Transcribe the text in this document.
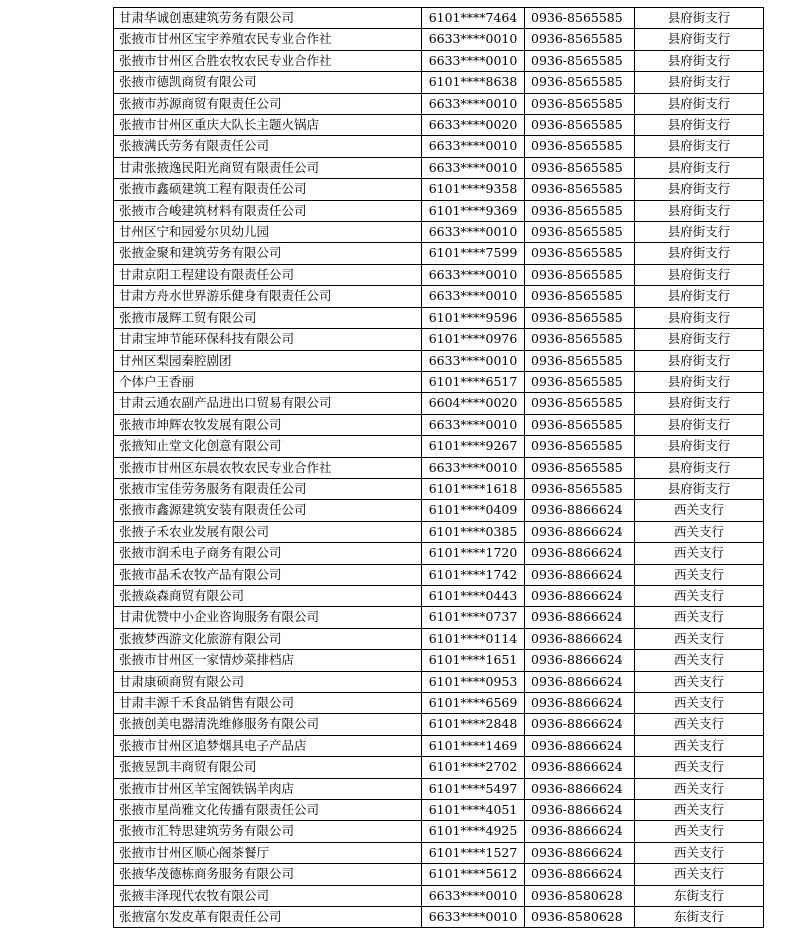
甘肃华诚创惠建筑劳务有限公司	6101****7464	0936-8565585	县府街支行
张掖市甘州区宝宇养殖农民专业合作社	6633****0010	0936-8565585	县府街支行
张掖市甘州区合胜农牧农民专业合作社	6633****0010	0936-8565585	县府街支行
张掖市德凯商贸有限公司	6101****8638	0936-8565585	县府街支行
张掖市苏源商贸有限责任公司	6633****0010	0936-8565585	县府街支行
张掖市甘州区重庆大队长主题火锅店	6633****0020	0936-8565585	县府街支行
张掖满氏劳务有限责任公司	6633****0010	0936-8565585	县府街支行
甘肃张掖逸民阳光商贸有限责任公司	6633****0010	0936-8565585	县府街支行
张掖市鑫硕建筑工程有限责任公司	6101****9358	0936-8565585	县府街支行
张掖市合峻建筑材料有限责任公司	6101****9369	0936-8565585	县府街支行
甘州区宁和园爱尔贝幼儿园	6633****0010	0936-8565585	县府街支行
张掖金聚和建筑劳务有限公司	6101****7599	0936-8565585	县府街支行
甘肃京阳工程建设有限责任公司	6633****0010	0936-8565585	县府街支行
甘肃方舟水世界游乐健身有限责任公司	6633****0010	0936-8565585	县府街支行
张掖市晟辉工贸有限公司	6101****9596	0936-8565585	县府街支行
甘肃宝坤节能环保科技有限公司	6101****0976	0936-8565585	县府街支行
甘州区梨园秦腔剧团	6633****0010	0936-8565585	县府街支行
个体户王香丽	6101****6517	0936-8565585	县府街支行
甘肃云通农副产品进出口贸易有限公司	6604****0020	0936-8565585	县府街支行
张掖市坤辉农牧发展有限公司	6633****0010	0936-8565585	县府街支行
张掖知止堂文化创意有限公司	6101****9267	0936-8565585	县府街支行
张掖市甘州区东晨农牧农民专业合作社	6633****0010	0936-8565585	县府街支行
张掖市宝佳劳务服务有限责任公司	6101****1618	0936-8565585	县府街支行
张掖市鑫源建筑安装有限责任公司	6101****0409	0936-8866624	西关支行
张掖子禾农业发展有限公司	6101****0385	0936-8866624	西关支行
张掖市润禾电子商务有限公司	6101****1720	0936-8866624	西关支行
张掖市晶禾农牧产品有限公司	6101****1742	0936-8866624	西关支行
张掖焱森商贸有限公司	6101****0443	0936-8866624	西关支行
甘肃优赞中小企业咨询服务有限公司	6101****0737	0936-8866624	西关支行
张掖梦西游文化旅游有限公司	6101****0114	0936-8866624	西关支行
张掖市甘州区一家情炒菜排档店	6101****1651	0936-8866624	西关支行
甘肃康硕商贸有限公司	6101****0953	0936-8866624	西关支行
甘肃丰源千禾食品销售有限公司	6101****6569	0936-8866624	西关支行
张掖创美电器清洗维修服务有限公司	6101****2848	0936-8866624	西关支行
张掖市甘州区追梦烟具电子产品店	6101****1469	0936-8866624	西关支行
张掖昱凯丰商贸有限公司	6101****2702	0936-8866624	西关支行
张掖市甘州区羊宝阁铁锅羊肉店	6101****5497	0936-8866624	西关支行
张掖市星尚雅文化传播有限责任公司	6101****4051	0936-8866624	西关支行
张掖市汇特思建筑劳务有限公司	6101****4925	0936-8866624	西关支行
张掖市甘州区顺心阁茶餐厅	6101****1527	0936-8866624	西关支行
张掖华茂德栋商务服务有限公司	6101****5612	0936-8866624	西关支行
张掖丰泽现代农牧有限公司	6633****0010	0936-8580628	东街支行
张掖富尔发皮革有限责任公司	6633****0010	0936-8580628	东街支行
